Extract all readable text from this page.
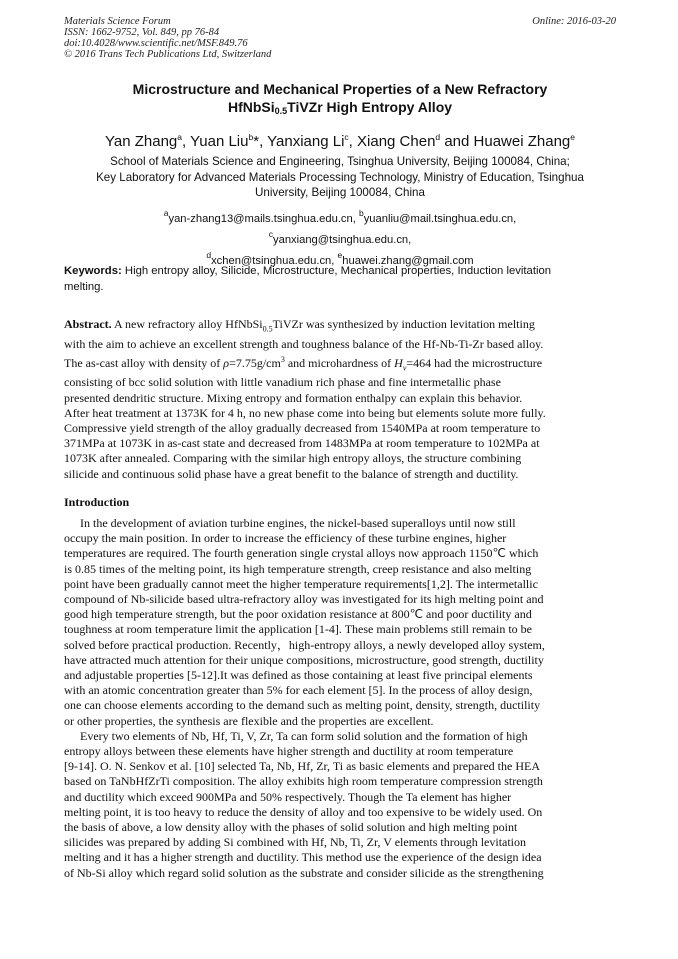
Materials Science Forum
ISSN: 1662-9752, Vol. 849, pp 76-84
doi:10.4028/www.scientific.net/MSF.849.76
© 2016 Trans Tech Publications Ltd, Switzerland
Online: 2016-03-20
Microstructure and Mechanical Properties of a New Refractory
HfNbSi$_{0.5}$TiVZr High Entropy Alloy
Yan Zhang$^a$, Yuan Liu$^b$*, Yanxiang Li$^c$, Xiang Chen$^d$ and Huawei Zhang$^e$
School of Materials Science and Engineering, Tsinghua University, Beijing 100084, China;
Key Laboratory for Advanced Materials Processing Technology, Ministry of Education, Tsinghua
University, Beijing 100084, China
$^a$yan-zhang13@mails.tsinghua.edu.cn, $^b$yuanliu@mail.tsinghua.edu.cn,
$^c$yanxiang@tsinghua.edu.cn,
$^d$xchen@tsinghua.edu.cn, $^e$huawei.zhang@gmail.com
Keywords: High entropy alloy, Silicide, Microstructure, Mechanical properties, Induction levitation
melting.
Abstract. A new refractory alloy HfNbSi$_{0.5}$TiVZr was synthesized by induction levitation melting
with the aim to achieve an excellent strength and toughness balance of the Hf-Nb-Ti-Zr based alloy.
The as-cast alloy with density of $\rho=7.75g/cm^3$ and microhardness of $H_v=464$ had the microstructure
consisting of bcc solid solution with little vanadium rich phase and fine intermetallic phase
presented dendritic structure. Mixing entropy and formation enthalpy can explain this behavior.
After heat treatment at 1373K for 4 h, no new phase come into being but elements solute more fully.
Compressive yield strength of the alloy gradually decreased from 1540MPa at room temperature to
371MPa at 1073K in as-cast state and decreased from 1483MPa at room temperature to 102MPa at
1073K after annealed. Comparing with the similar high entropy alloys, the structure combining
silicide and continuous solid phase have a great benefit to the balance of strength and ductility.
Introduction
In the development of aviation turbine engines, the nickel-based superalloys until now still
occupy the main position. In order to increase the efficiency of these turbine engines, higher
temperatures are required. The fourth generation single crystal alloys now approach 1150℃ which
is 0.85 times of the melting point, its high temperature strength, creep resistance and also melting
point have been gradually cannot meet the higher temperature requirements[1,2]. The intermetallic
compound of Nb-silicide based ultra-refractory alloy was investigated for its high melting point and
good high temperature strength, but the poor oxidation resistance at 800℃ and poor ductility and
toughness at room temperature limit the application [1-4]. These main problems still remain to be
solved before practical production. Recently，high-entropy alloys, a newly developed alloy system,
have attracted much attention for their unique compositions, microstructure, good strength, ductility
and adjustable properties [5-12].It was defined as those containing at least five principal elements
with an atomic concentration greater than 5% for each element [5]. In the process of alloy design,
one can choose elements according to the demand such as melting point, density, strength, ductility
or other properties, the synthesis are flexible and the properties are excellent.
Every two elements of Nb, Hf, Ti, V, Zr, Ta can form solid solution and the formation of high
entropy alloys between these elements have higher strength and ductility at room temperature
[9-14]. O. N. Senkov et al. [10] selected Ta, Nb, Hf, Zr, Ti as basic elements and prepared the HEA
based on TaNbHfZrTi composition. The alloy exhibits high room temperature compression strength
and ductility which exceed 900MPa and 50% respectively. Though the Ta element has higher
melting point, it is too heavy to reduce the density of alloy and too expensive to be widely used. On
the basis of above, a low density alloy with the phases of solid solution and high melting point
silicides was prepared by adding Si combined with Hf, Nb, Ti, Zr, V elements through levitation
melting and it has a higher strength and ductility. This method use the experience of the design idea
of Nb-Si alloy which regard solid solution as the substrate and consider silicide as the strengthening
